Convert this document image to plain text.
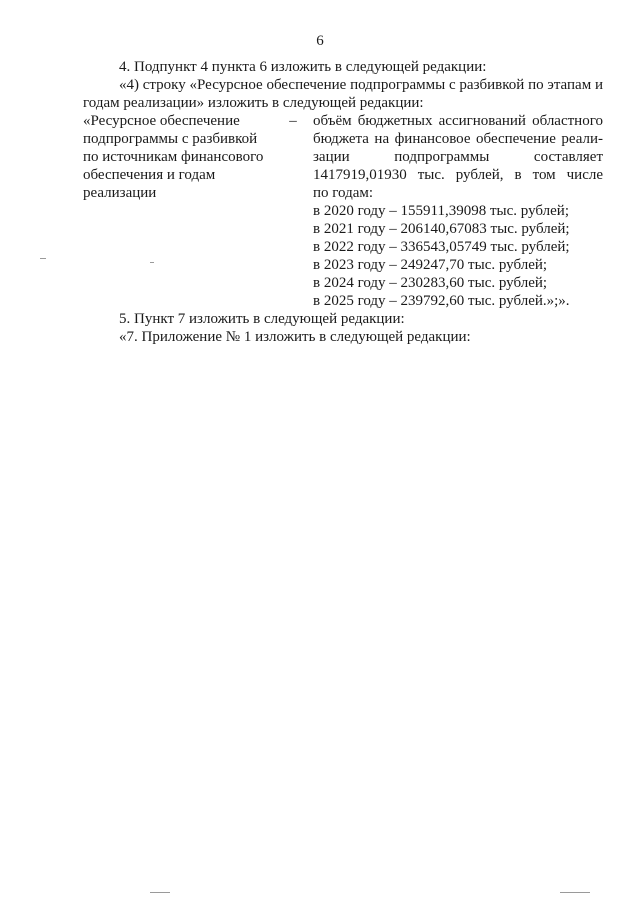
6

4. Подпункт 4 пункта 6 изложить в следующей редакции:

«4) строку «Ресурсное обеспечение подпрограммы с разбивкой по этапам и годам реализации» изложить в следующей редакции:

«Ресурсное обеспечение
подпрограммы с разбивкой
по источникам финансового
обеспечения и годам
реализации
–	объём бюджетных ассигнований областного
бюджета на финансовое обеспечение реали-
зации подпрограммы составляет
1417919,01930 тыс. рублей, в том числе
по годам:

в 2020 году – 155911,39098 тыс. рублей;

в 2021 году – 206140,67083 тыс. рублей;

в 2022 году – 336543,05749 тыс. рублей;

в 2023 году – 249247,70 тыс. рублей;

в 2024 году – 230283,60 тыс. рублей;

в 2025 году – 239792,60 тыс. рублей.»;».

5. Пункт 7 изложить в следующей редакции:

«7. Приложение № 1 изложить в следующей редакции:
